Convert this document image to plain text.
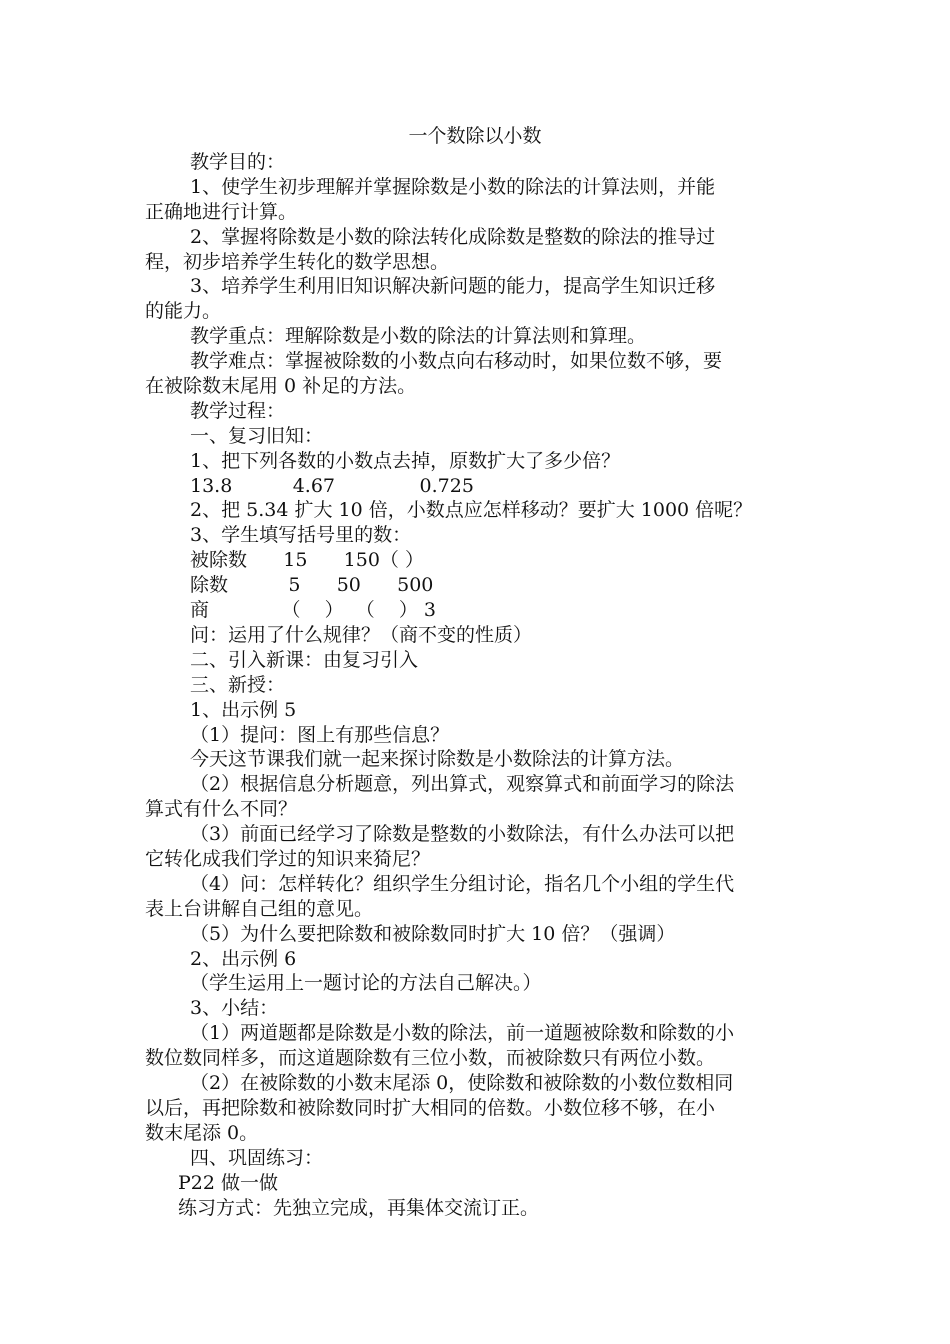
一个数除以小数
教学目的：
1、使学生初步理解并掌握除数是小数的除法的计算法则，并能
正确地进行计算。
2、掌握将除数是小数的除法转化成除数是整数的除法的推导过
程，初步培养学生转化的数学思想。
3、培养学生利用旧知识解决新问题的能力，提高学生知识迁移
的能力。
教学重点：理解除数是小数的除法的计算法则和算理。
教学难点：掌握被除数的小数点向右移动时，如果位数不够，要
在被除数末尾用 0 补足的方法。
教学过程：
一、复习旧知：
1、把下列各数的小数点去掉，原数扩大了多少倍？
13.8          4.67              0.725
2、把 5.34 扩大 10 倍，小数点应怎样移动？要扩大 1000 倍呢？
3、学生填写括号里的数：
被除数      15      150（ ）
除数          5      50      500
商            （    ）  （    ） 3
问：运用了什么规律？（商不变的性质）
二、引入新课：由复习引入
三、新授：
1、出示例 5
（1）提问：图上有那些信息？
今天这节课我们就一起来探讨除数是小数除法的计算方法。
（2）根据信息分析题意，列出算式，观察算式和前面学习的除法
算式有什么不同？
（3）前面已经学习了除数是整数的小数除法，有什么办法可以把
它转化成我们学过的知识来猗尼？
（4）问：怎样转化？组织学生分组讨论，指名几个小组的学生代
表上台讲解自己组的意见。
（5）为什么要把除数和被除数同时扩大 10 倍？（强调）
2、出示例 6
（学生运用上一题讨论的方法自己解决。）
3、小结：
（1）两道题都是除数是小数的除法，前一道题被除数和除数的小
数位数同样多，而这道题除数有三位小数，而被除数只有两位小数。
（2）在被除数的小数末尾添 0，使除数和被除数的小数位数相同
以后，再把除数和被除数同时扩大相同的倍数。小数位移不够，在小
数末尾添 0。
四、巩固练习：
P22 做一做
练习方式：先独立完成，再集体交流订正。
